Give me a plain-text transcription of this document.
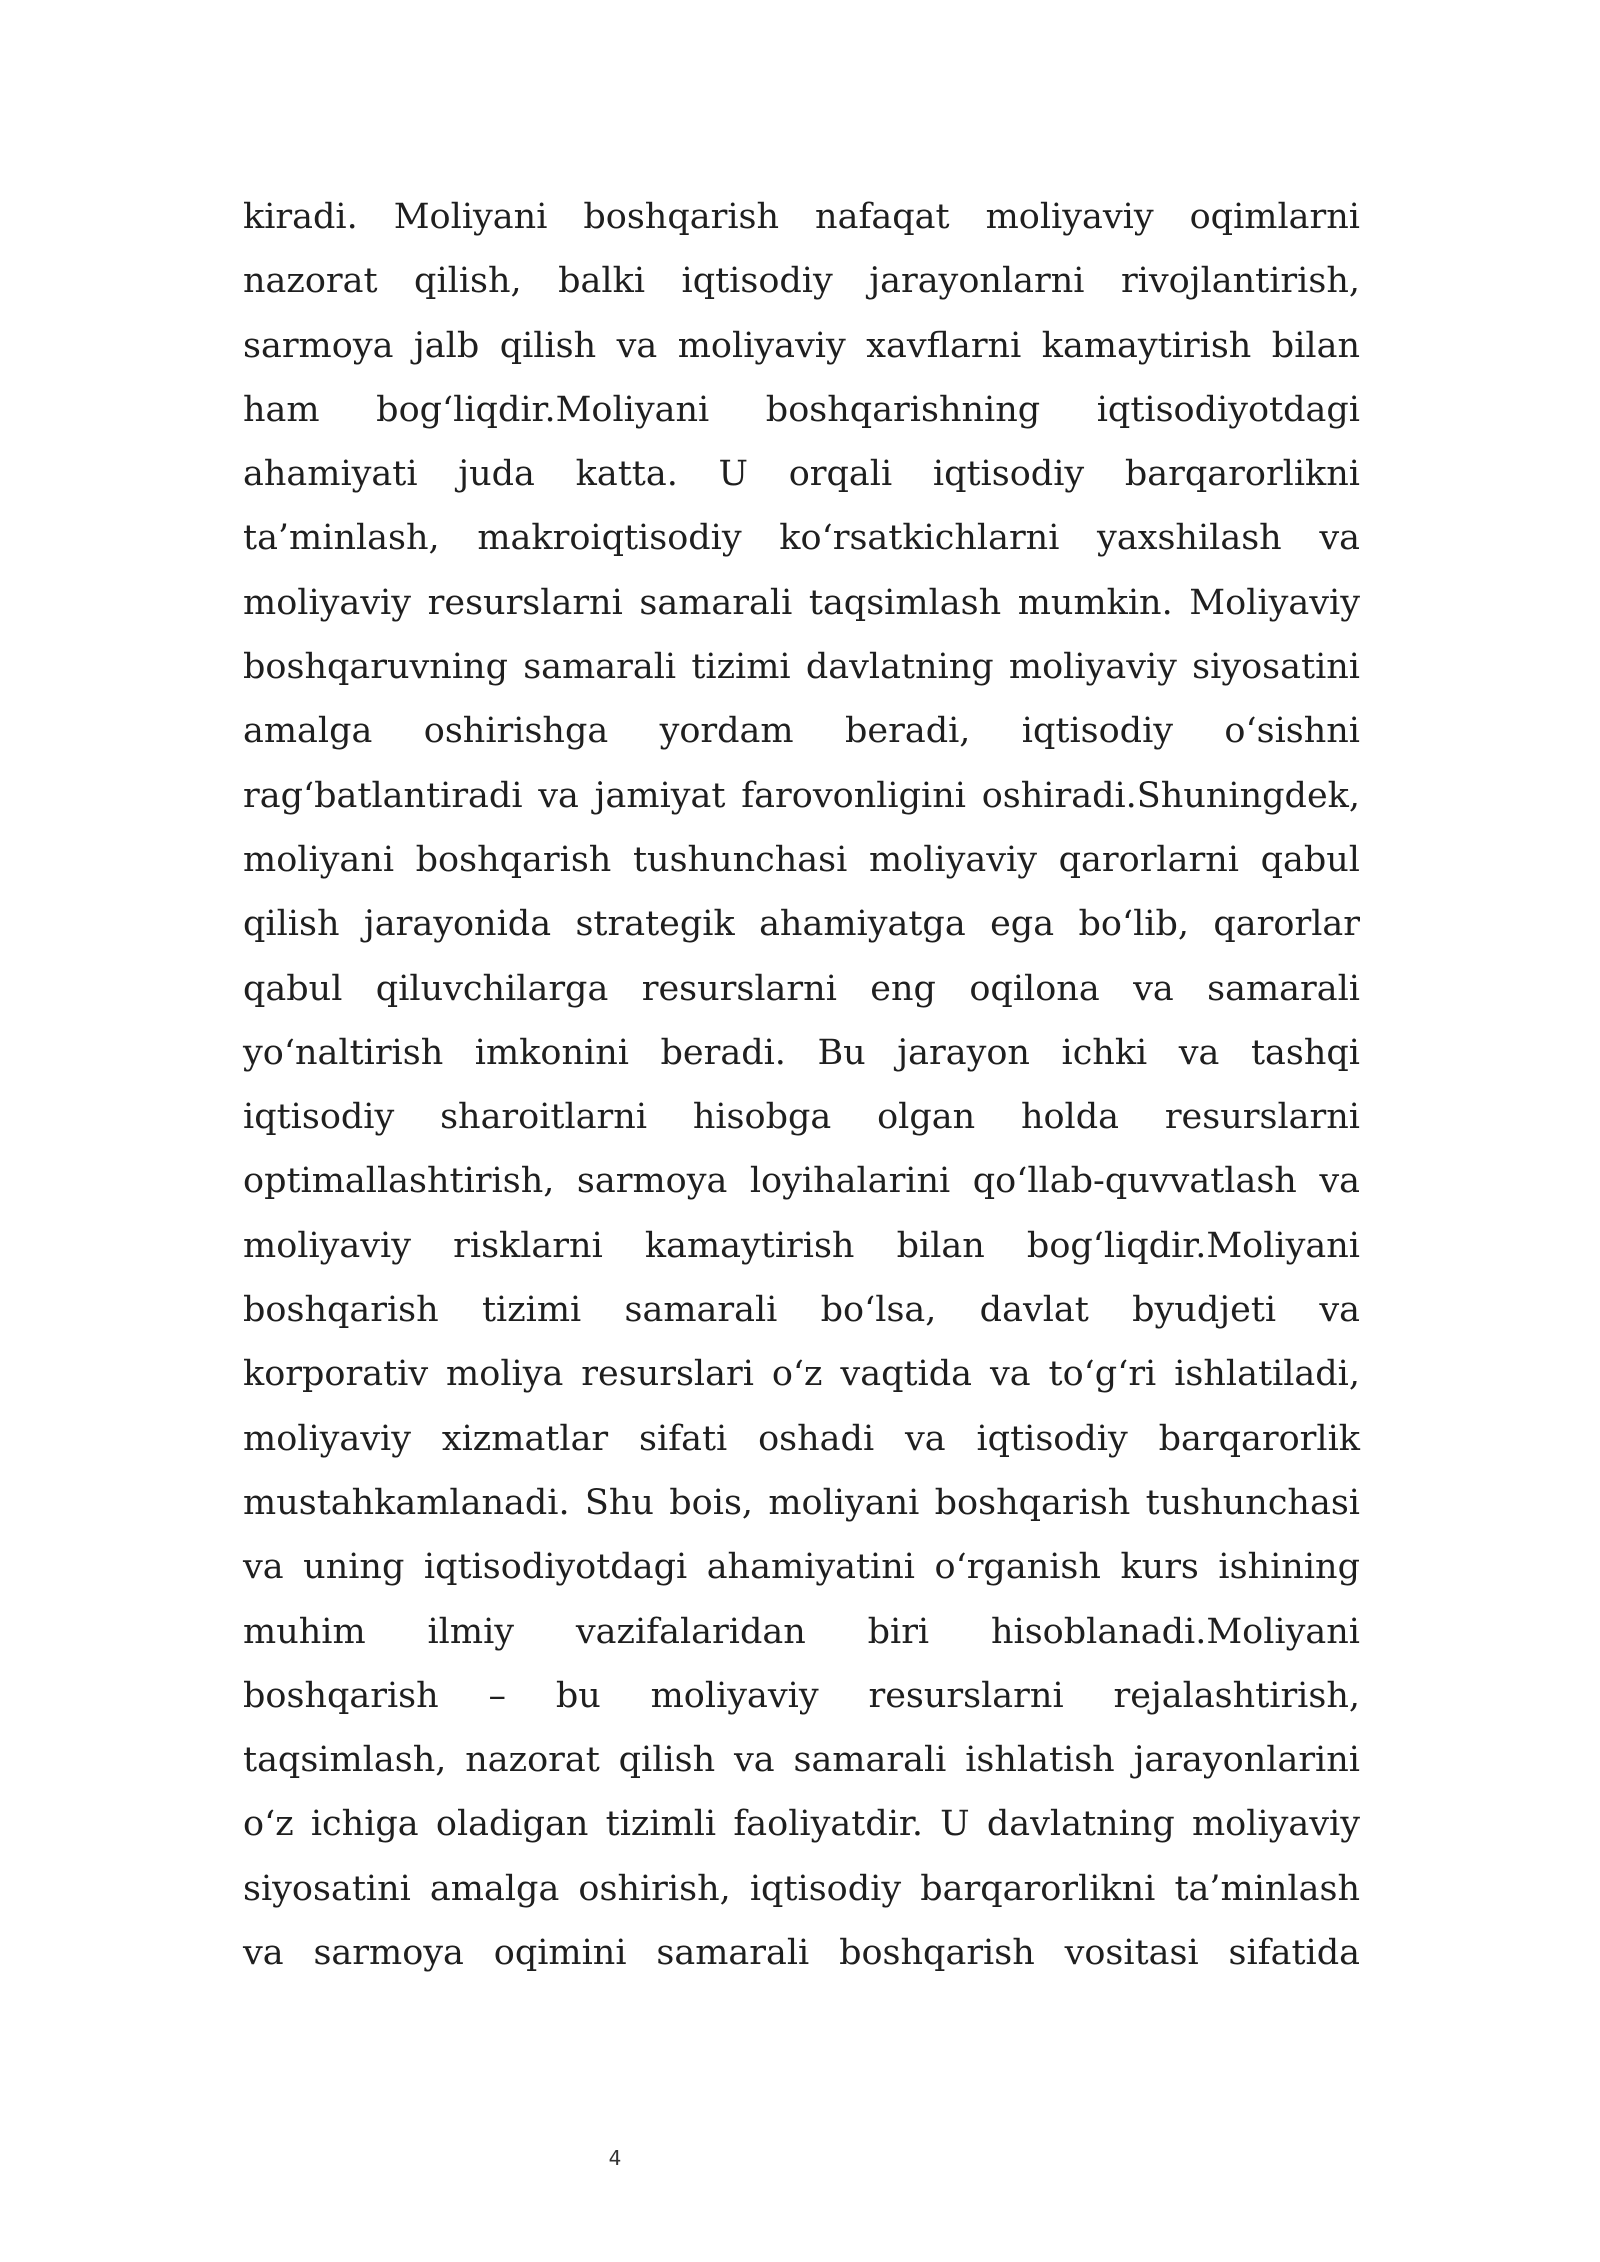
kiradi. Moliyani boshqarish nafaqat moliyaviy oqimlarni nazorat qilish, balki iqtisodiy jarayonlarni rivojlantirish, sarmoya jalb qilish va moliyaviy xavflarni kamaytirish bilan ham bog‘liqdir.Moliyani boshqarishning iqtisodiyotdagi ahamiyati juda katta. U orqali iqtisodiy barqarorlikni ta’minlash, makroiqtisodiy ko‘rsatkichlarni yaxshilash va moliyaviy resurslarni samarali taqsimlash mumkin. Moliyaviy boshqaruvning samarali tizimi davlatning moliyaviy siyosatini amalga oshirishga yordam beradi, iqtisodiy o‘sishni rag‘batlantiradi va jamiyat farovonligini oshiradi.Shuningdek, moliyani boshqarish tushunchasi moliyaviy qarorlarni qabul qilish jarayonida strategik ahamiyatga ega bo‘lib, qarorlar qabul qiluvchilarga resurslarni eng oqilona va samarali yo‘naltirish imkonini beradi. Bu jarayon ichki va tashqi iqtisodiy sharoitlarni hisobga olgan holda resurslarni optimallashtirish, sarmoya loyihalarini qo‘llab-quvvatlash va moliyaviy risklarni kamaytirish bilan bog‘liqdir.Moliyani boshqarish tizimi samarali bo‘lsa, davlat byudjeti va korporativ moliya resurslari o‘z vaqtida va to‘g‘ri ishlatiladi, moliyaviy xizmatlar sifati oshadi va iqtisodiy barqarorlik mustahkamlanadi. Shu bois, moliyani boshqarish tushunchasi va uning iqtisodiyotdagi ahamiyatini o‘rganish kurs ishining muhim ilmiy vazifalaridan biri hisoblanadi.Moliyani boshqarish – bu moliyaviy resurslarni rejalashtirish, taqsimlash, nazorat qilish va samarali ishlatish jarayonlarini o‘z ichiga oladigan tizimli faoliyatdir. U davlatning moliyaviy siyosatini amalga oshirish, iqtisodiy barqarorlikni ta’minlash va sarmoya oqimini samarali boshqarish vositasi sifatida

4
